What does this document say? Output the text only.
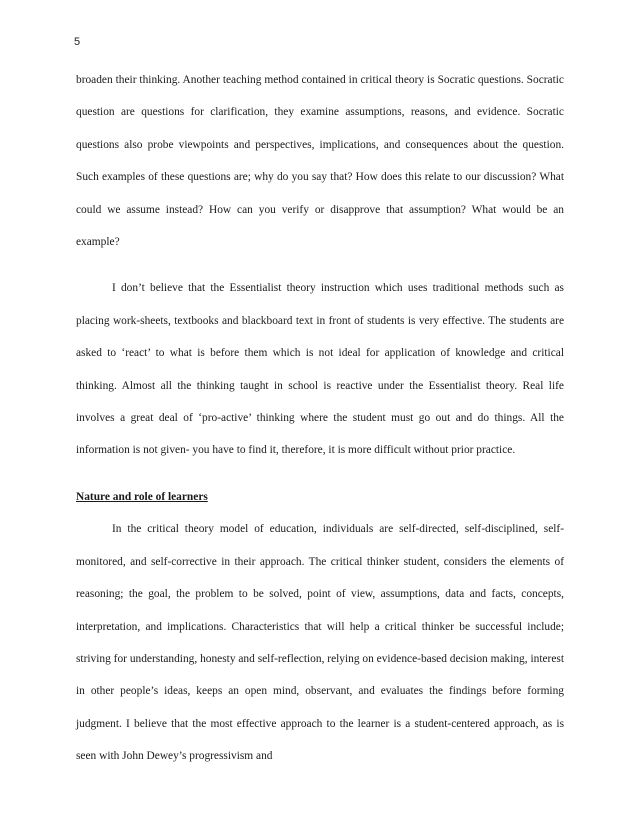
5

broaden their thinking. Another teaching method contained in critical theory is Socratic questions. Socratic question are questions for clarification, they examine assumptions, reasons, and evidence. Socratic questions also probe viewpoints and perspectives, implications, and consequences about the question. Such examples of these questions are; why do you say that? How does this relate to our discussion? What could we assume instead? How can you verify or disapprove that assumption? What would be an example?

I don’t believe that the Essentialist theory instruction which uses traditional methods such as placing work-sheets, textbooks and blackboard text in front of students is very effective. The students are asked to ‘react’ to what is before them which is not ideal for application of knowledge and critical thinking. Almost all the thinking taught in school is reactive under the Essentialist theory. Real life involves a great deal of ‘pro-active’ thinking where the student must go out and do things. All the information is not given- you have to find it, therefore, it is more difficult without prior practice.

Nature and role of learners

In the critical theory model of education, individuals are self-directed, self-disciplined, self-monitored, and self-corrective in their approach. The critical thinker student, considers the elements of reasoning; the goal, the problem to be solved, point of view, assumptions, data and facts, concepts, interpretation, and implications. Characteristics that will help a critical thinker be successful include; striving for understanding, honesty and self-reflection, relying on evidence-based decision making, interest in other people’s ideas, keeps an open mind, observant, and evaluates the findings before forming judgment. I believe that the most effective approach to the learner is a student-centered approach, as is seen with John Dewey’s progressivism and
